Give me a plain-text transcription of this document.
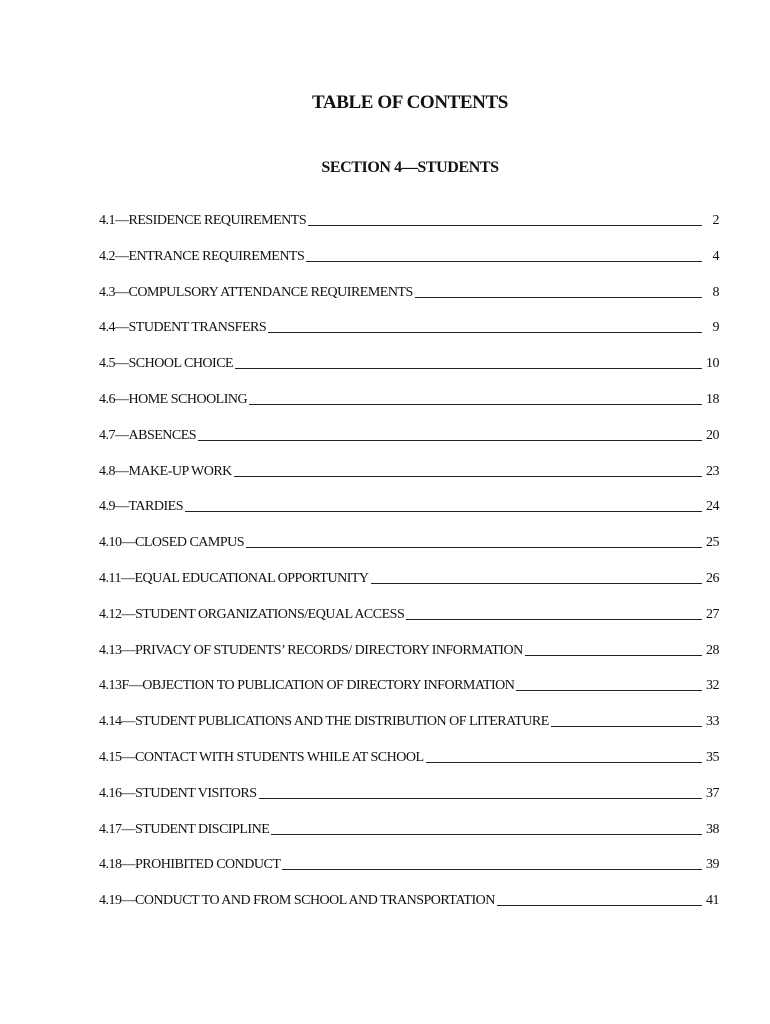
TABLE OF CONTENTS
SECTION 4—STUDENTS
4.1—RESIDENCE REQUIREMENTS	2
4.2—ENTRANCE REQUIREMENTS	4
4.3—COMPULSORY ATTENDANCE REQUIREMENTS	8
4.4—STUDENT TRANSFERS	9
4.5—SCHOOL CHOICE	10
4.6—HOME SCHOOLING	18
4.7—ABSENCES	20
4.8—MAKE-UP WORK	23
4.9—TARDIES	24
4.10—CLOSED CAMPUS	25
4.11—EQUAL EDUCATIONAL OPPORTUNITY	26
4.12—STUDENT ORGANIZATIONS/EQUAL ACCESS	27
4.13—PRIVACY OF STUDENTS’ RECORDS/ DIRECTORY INFORMATION	28
4.13F—OBJECTION TO PUBLICATION OF DIRECTORY INFORMATION	32
4.14—STUDENT PUBLICATIONS AND THE DISTRIBUTION OF LITERATURE	33
4.15—CONTACT WITH STUDENTS WHILE AT SCHOOL	35
4.16—STUDENT VISITORS	37
4.17—STUDENT DISCIPLINE	38
4.18—PROHIBITED CONDUCT	39
4.19—CONDUCT TO AND FROM SCHOOL AND TRANSPORTATION	41
